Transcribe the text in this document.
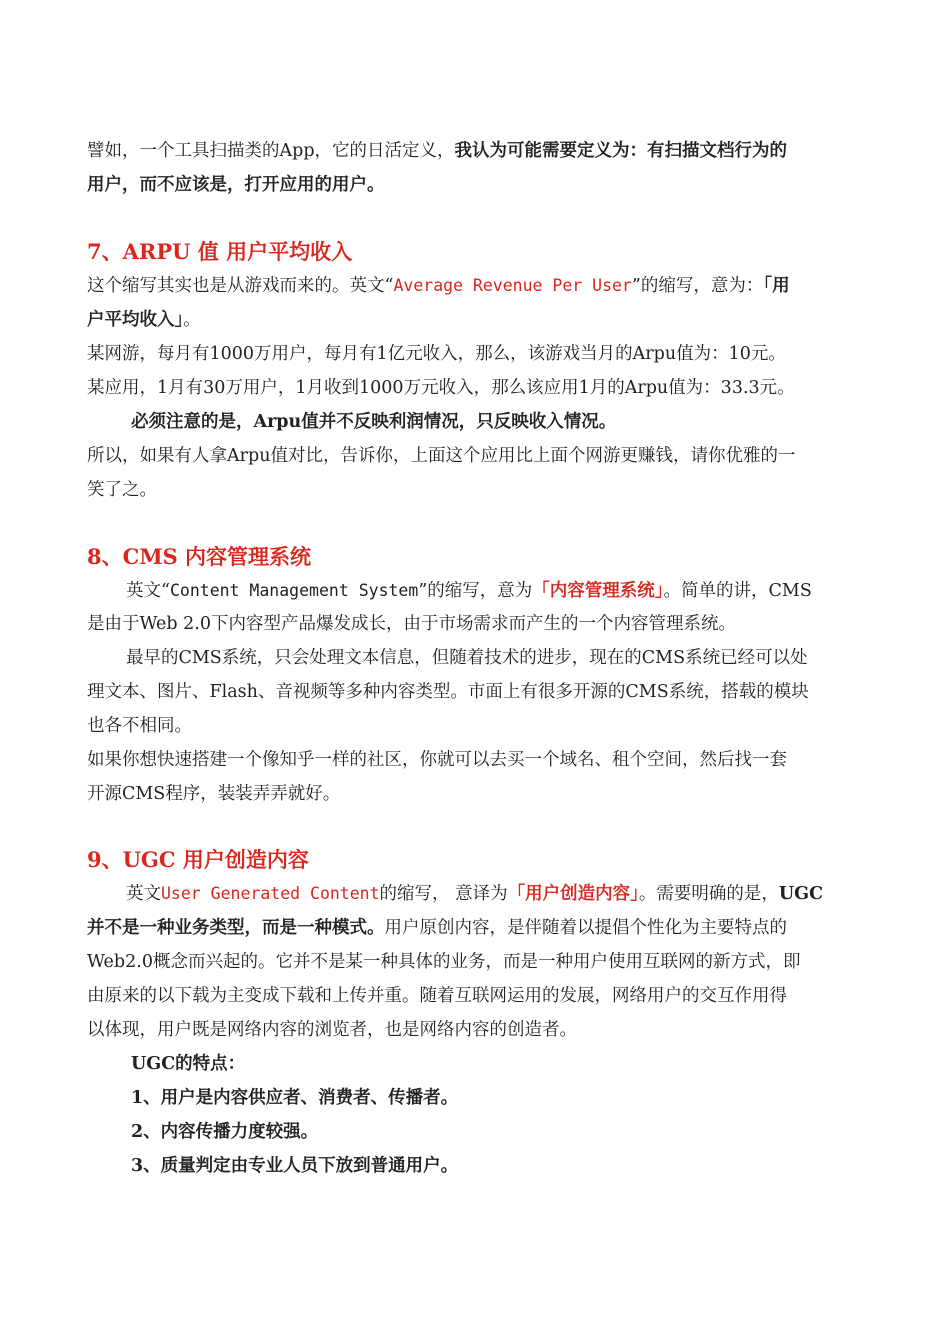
譬如，一个工具扫描类的App，它的日活定义，我认为可能需要定义为：有扫描文档行为的
用户，而不应该是，打开应用的用户。
7、ARPU 值 用户平均收入
这个缩写其实也是从游戏而来的。英文“Average Revenue Per User”的缩写，意为：「用
户平均收入」。
某网游，每月有1000万用户，每月有1亿元收入，那么，该游戏当月的Arpu值为：10元。
某应用，1月有30万用户，1月收到1000万元收入，那么该应用1月的Arpu值为：33.3元。
必须注意的是，Arpu值并不反映利润情况，只反映收入情况。
所以，如果有人拿Arpu值对比，告诉你，上面这个应用比上面个网游更赚钱，请你优雅的一
笑了之。
8、CMS 内容管理系统
英文“Content Management System”的缩写，意为「内容管理系统」。简单的讲，CMS
是由于Web 2.0下内容型产品爆发成长，由于市场需求而产生的一个内容管理系统。
最早的CMS系统，只会处理文本信息，但随着技术的进步，现在的CMS系统已经可以处
理文本、图片、Flash、音视频等多种内容类型。市面上有很多开源的CMS系统，搭载的模块
也各不相同。
如果你想快速搭建一个像知乎一样的社区，你就可以去买一个域名、租个空间，然后找一套
开源CMS程序，装装弄弄就好。
9、UGC 用户创造内容
英文User Generated Content的缩写， 意译为「用户创造内容」。需要明确的是，UGC
并不是一种业务类型，而是一种模式。用户原创内容，是伴随着以提倡个性化为主要特点的
Web2.0概念而兴起的。它并不是某一种具体的业务，而是一种用户使用互联网的新方式，即
由原来的以下载为主变成下载和上传并重。随着互联网运用的发展，网络用户的交互作用得
以体现，用户既是网络内容的浏览者，也是网络内容的创造者。
UGC的特点：
1、用户是内容供应者、消费者、传播者。
2、内容传播力度较强。
3、质量判定由专业人员下放到普通用户。
